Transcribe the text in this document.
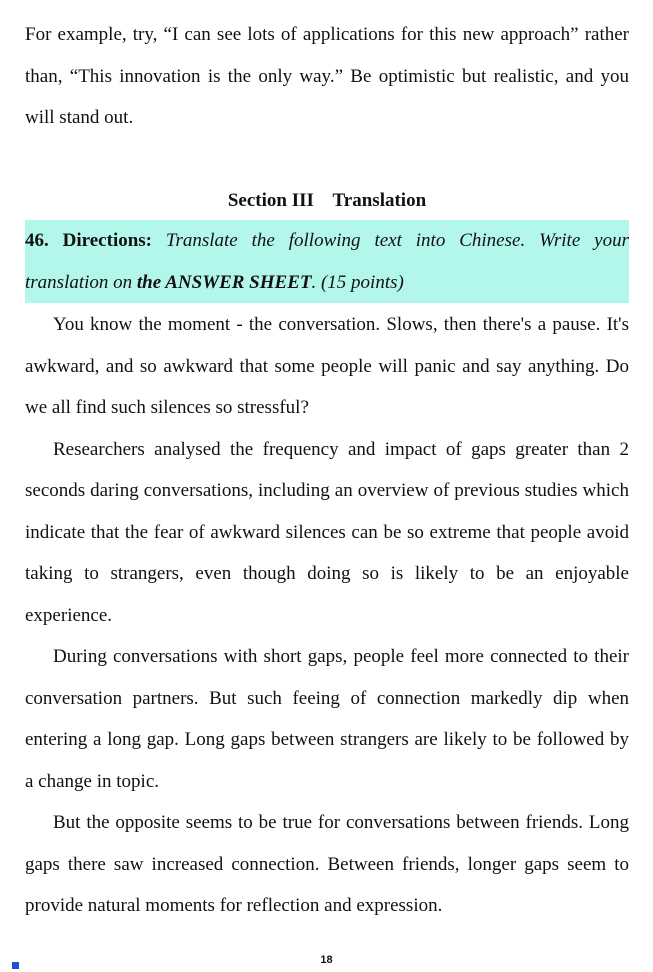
For example, try, “I can see lots of applications for this new approach” rather than, “This innovation is the only way.” Be optimistic but realistic, and you will stand out.

Section III    Translation
46. Directions: Translate the following text into Chinese. Write your translation on the ANSWER SHEET. (15 points)

You know the moment - the conversation. Slows, then there's a pause. It's awkward, and so awkward that some people will panic and say anything. Do we all find such silences so stressful?

Researchers analysed the frequency and impact of gaps greater than 2 seconds daring conversations, including an overview of previous studies which indicate that the fear of awkward silences can be so extreme that people avoid taking to strangers, even though doing so is likely to be an enjoyable experience.

During conversations with short gaps, people feel more connected to their conversation partners. But such feeing of connection markedly dip when entering a long gap. Long gaps between strangers are likely to be followed by a change in topic.

But the opposite seems to be true for conversations between friends. Long gaps there saw increased connection. Between friends, longer gaps seem to provide natural moments for reflection and expression.

18
